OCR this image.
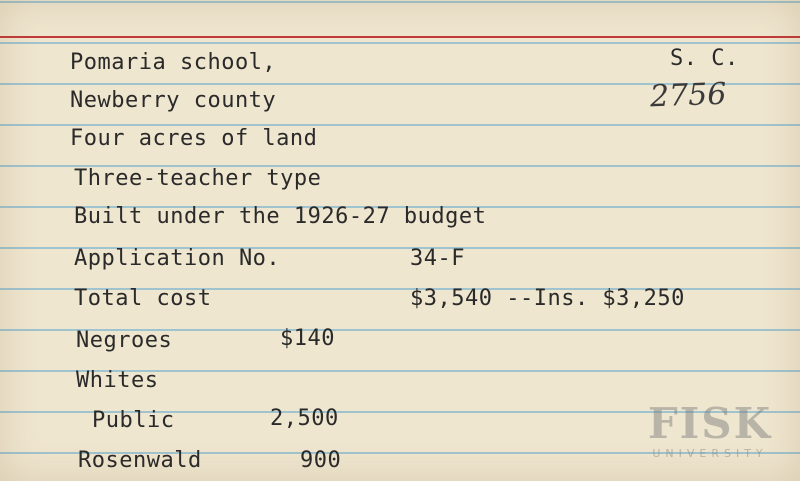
S. C.
2756
Pomaria school,
Newberry county
Four acres of land
Three-teacher type
Built under the 1926-27 budget
Application No.	34-F
Total cost	$3,540 --Ins. $3,250
Negroes	$140
Whites
Public	2,500
Rosenwald	900
FISK
UNIVERSITY
